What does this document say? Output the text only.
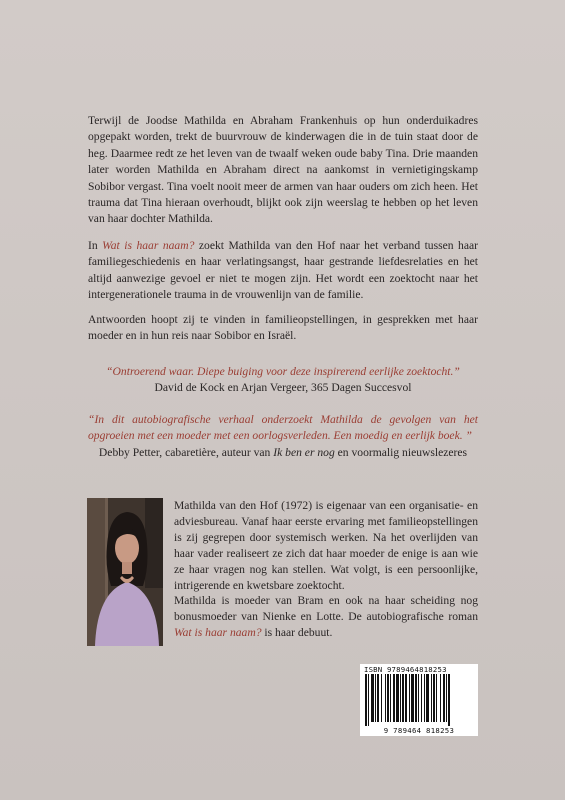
Terwijl de Joodse Mathilda en Abraham Frankenhuis op hun onderduikadres opgepakt worden, trekt de buurvrouw de kinderwagen die in de tuin staat door de heg. Daarmee redt ze het leven van de twaalf weken oude baby Tina. Drie maanden later worden Mathilda en Abraham direct na aankomst in vernietigingskamp Sobibor vergast. Tina voelt nooit meer de armen van haar ouders om zich heen. Het trauma dat Tina hieraan overhoudt, blijkt ook zijn weerslag te hebben op het leven van haar dochter Mathilda.

In Wat is haar naam? zoekt Mathilda van den Hof naar het verband tussen haar familiegeschiedenis en haar verlatingsangst, haar gestrande liefdesrelaties en het altijd aanwezige gevoel er niet te mogen zijn. Het wordt een zoektocht naar het intergenerationele trauma in de vrouwenlijn van de familie.

Antwoorden hoopt zij te vinden in familieopstellingen, in gesprekken met haar moeder en in hun reis naar Sobibor en Israël.

“Ontroerend waar. Diepe buiging voor deze inspirerend eerlijke zoektocht.”
David de Kock en Arjan Vergeer, 365 Dagen Succesvol

“In dit autobiografische verhaal onderzoekt Mathilda de gevolgen van het opgroeien met een moeder met een oorlogsverleden. Een moedig en eerlijk boek. ”
Debby Petter, cabaretière, auteur van Ik ben er nog en voormalig nieuwslezeres

Mathilda van den Hof (1972) is eigenaar van een organisatie- en adviesbureau. Vanaf haar eerste ervaring met familieopstellingen is zij gegrepen door systemisch werken. Na het overlijden van haar vader realiseert ze zich dat haar moeder de enige is aan wie ze haar vragen nog kan stellen. Wat volgt, is een persoonlijke, intrigerende en kwetsbare zoektocht.

Mathilda is moeder van Bram en ook na haar scheiding nog bonusmoeder van Nienke en Lotte. De autobiografische roman Wat is haar naam? is haar debuut.

ISBN 9789464818253
9 789464 818253
